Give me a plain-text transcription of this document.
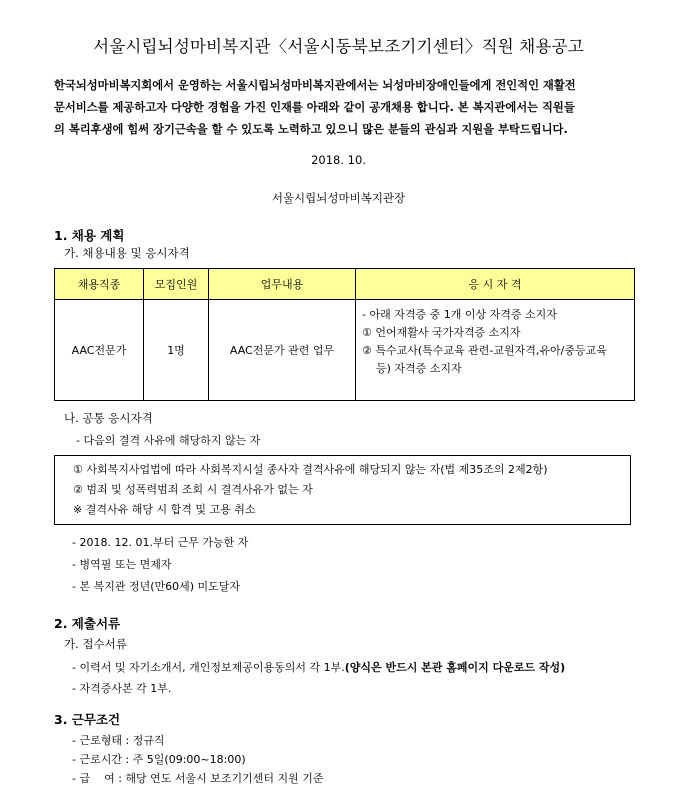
서울시립뇌성마비복지관〈서울시동북보조기기센터〉직원 채용공고
한국뇌성마비복지회에서 운영하는 서울시립뇌성마비복지관에서는 뇌성마비장애인들에게 전인적인 재활전
문서비스를 제공하고자 다양한 경험을 가진 인재를 아래와 같이 공개채용 합니다. 본 복지관에서는 직원들
의 복리후생에 힘써 장기근속을 할 수 있도록 노력하고 있으니 많은 분들의 관심과 지원을 부탁드립니다.
2018. 10.
서울시립뇌성마비복지관장
1. 채용 계획
가. 채용내용 및 응시자격
채용직종	모집인원	업무내용	응 시 자 격
AAC전문가	1명	AAC전문가 관련 업무	- 아래 자격증 중 1개 이상 자격증 소지자
① 언어재활사 국가자격증 소지자
② 특수교사(특수교육 관련-교원자격,유아/중등교육
등) 자격증 소지자
나. 공통 응시자격
- 다음의 결격 사유에 해당하지 않는 자
① 사회복지사업법에 따라 사회복지시설 종사자 결격사유에 해당되지 않는 자(법 제35조의 2제2항)
② 범죄 및 성폭력범죄 조회 시 결격사유가 없는 자
※ 결격사유 해당 시 합격 및 고용 취소
- 2018. 12. 01.부터 근무 가능한 자
- 병역필 또는 면제자
- 본 복지관 정년(만60세) 미도달자
2. 제출서류
가. 접수서류
- 이력서 및 자기소개서, 개인정보제공이용동의서 각 1부.(양식은 반드시 본관 홈페이지 다운로드 작성)
- 자격증사본 각 1부.
3. 근무조건
- 근로형태 : 정규직
- 근로시간 : 주 5일(09:00~18:00)
- 급    여 : 해당 연도 서울시 보조기기센터 지원 기준
